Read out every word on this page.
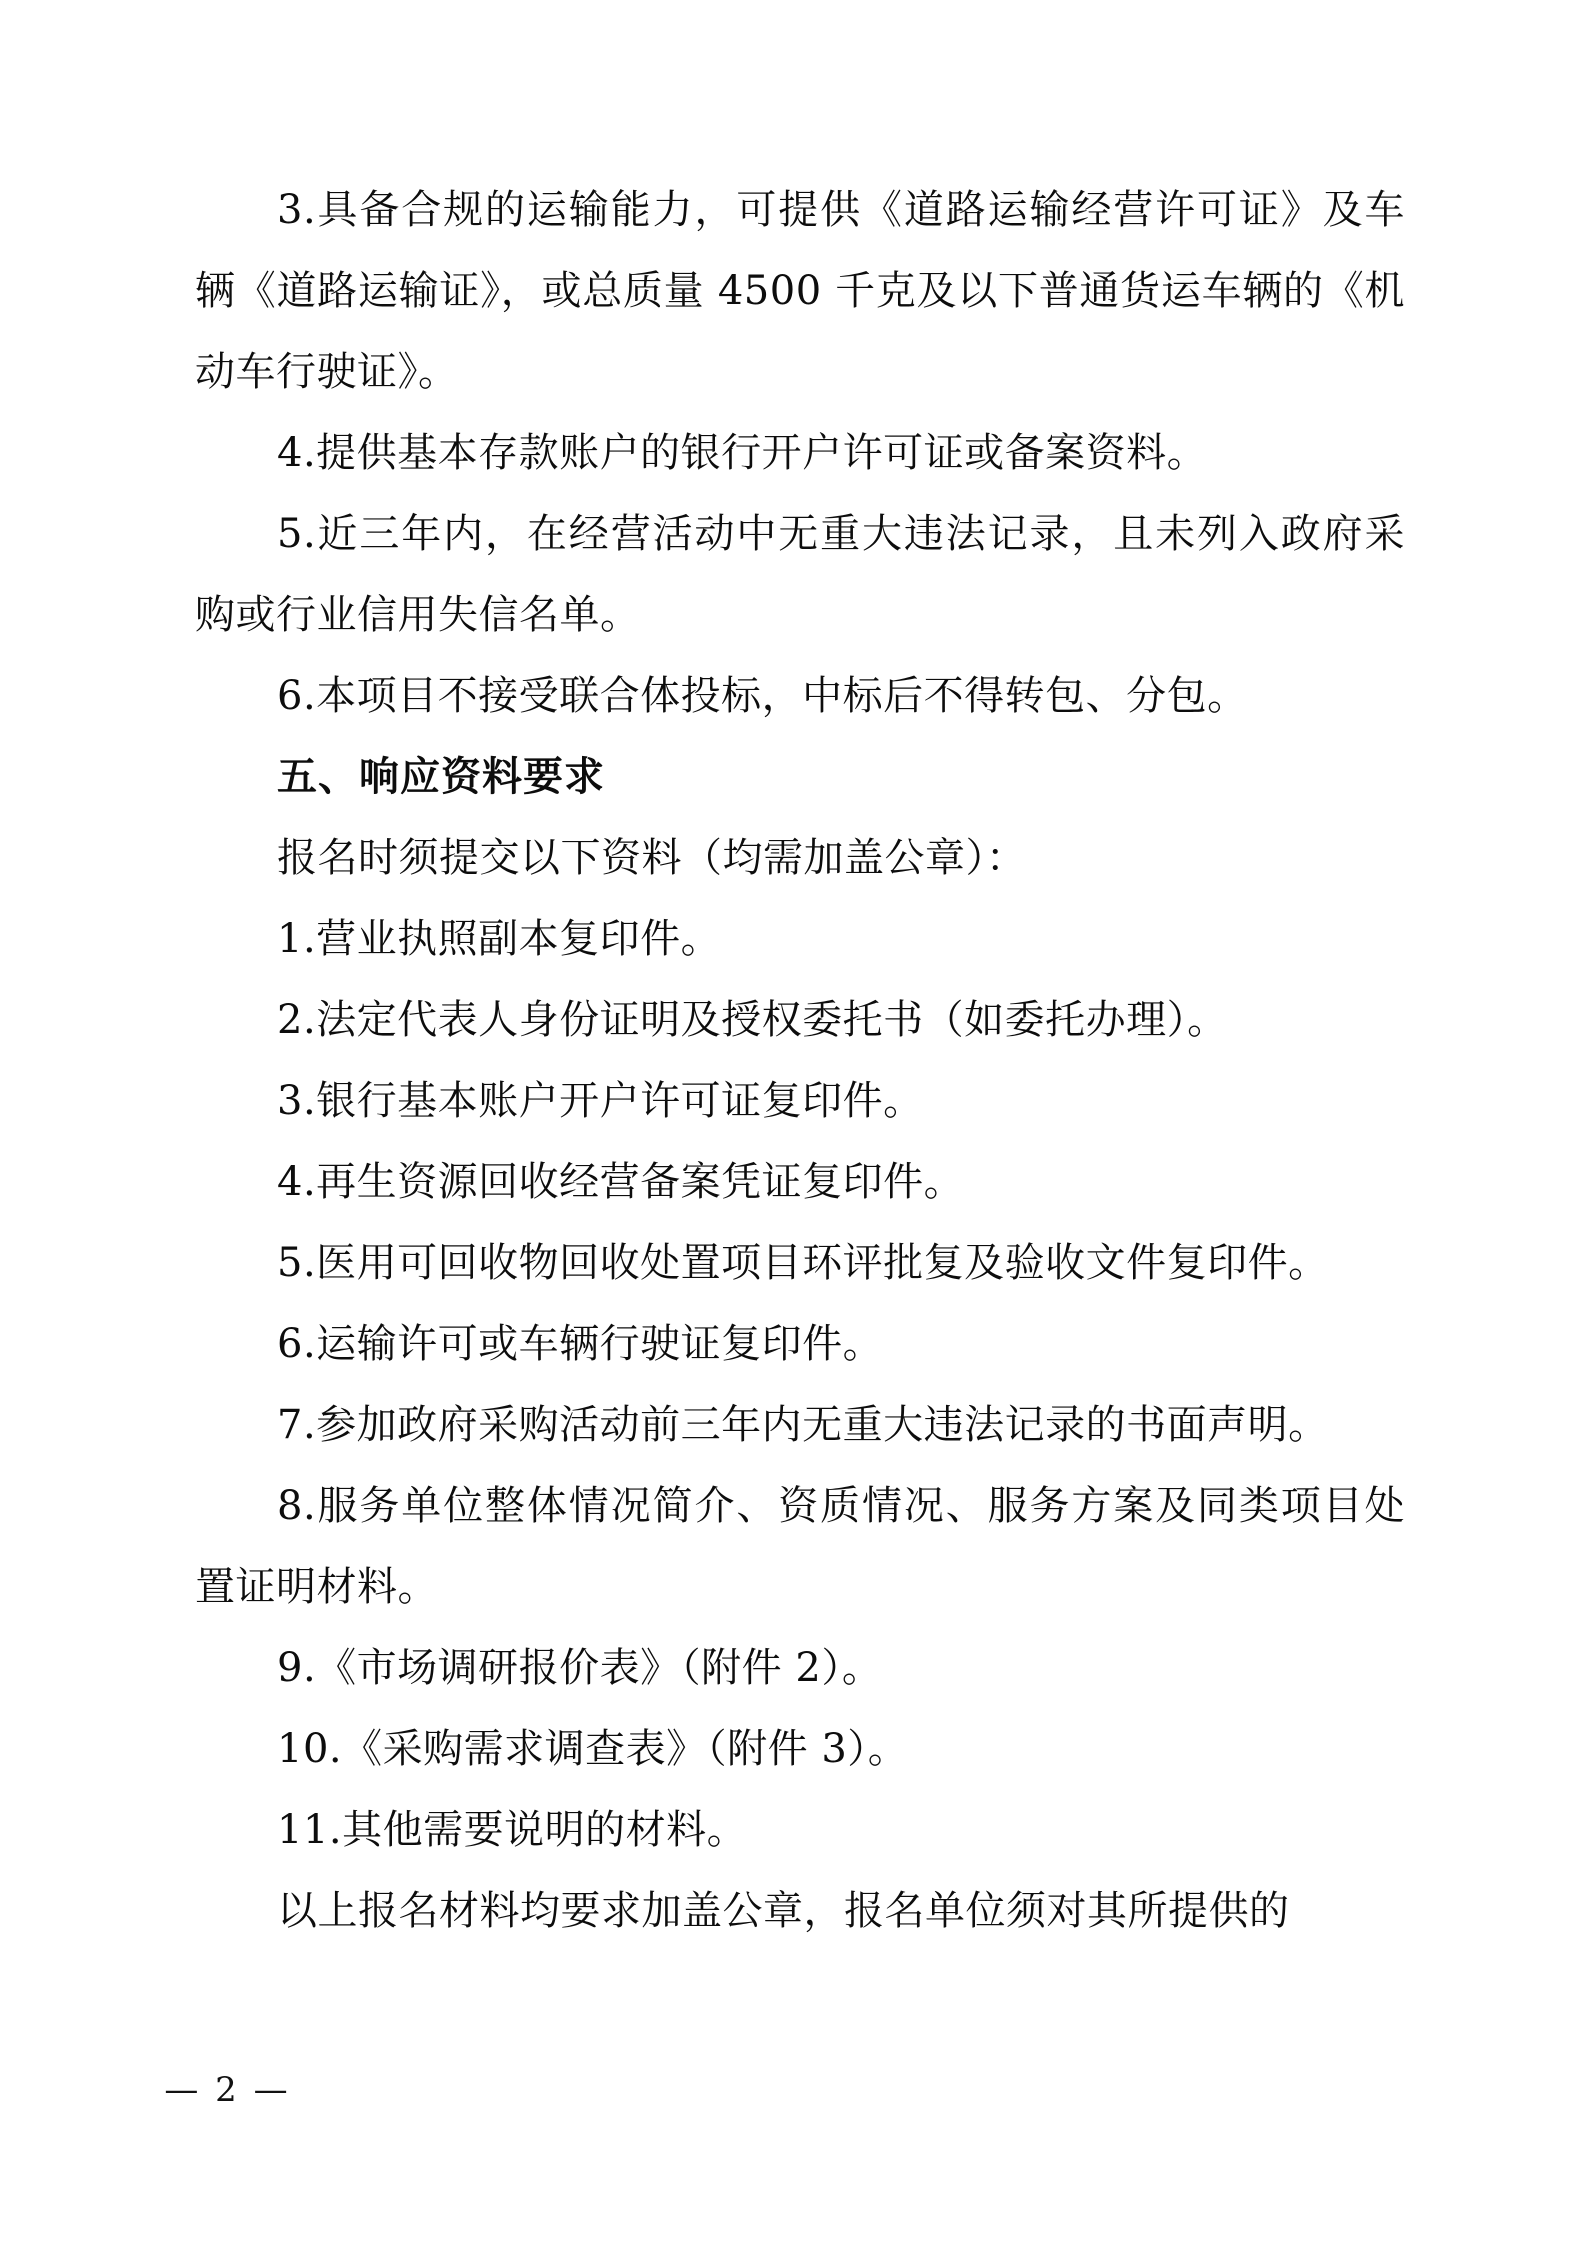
3.具备合规的运输能力，可提供《道路运输经营许可证》及车辆《道路运输证》，或总质量 4500 千克及以下普通货运车辆的《机动车行驶证》。

4.提供基本存款账户的银行开户许可证或备案资料。

5.近三年内，在经营活动中无重大违法记录，且未列入政府采购或行业信用失信名单。

6.本项目不接受联合体投标，中标后不得转包、分包。

五、响应资料要求

报名时须提交以下资料（均需加盖公章）：

1.营业执照副本复印件。

2.法定代表人身份证明及授权委托书（如委托办理）。

3.银行基本账户开户许可证复印件。

4.再生资源回收经营备案凭证复印件。

5.医用可回收物回收处置项目环评批复及验收文件复印件。

6.运输许可或车辆行驶证复印件。

7.参加政府采购活动前三年内无重大违法记录的书面声明。

8.服务单位整体情况简介、资质情况、服务方案及同类项目处置证明材料。

9.《市场调研报价表》（附件 2）。

10.《采购需求调查表》（附件 3）。

11.其他需要说明的材料。

以上报名材料均要求加盖公章，报名单位须对其所提供的

— 2 —
